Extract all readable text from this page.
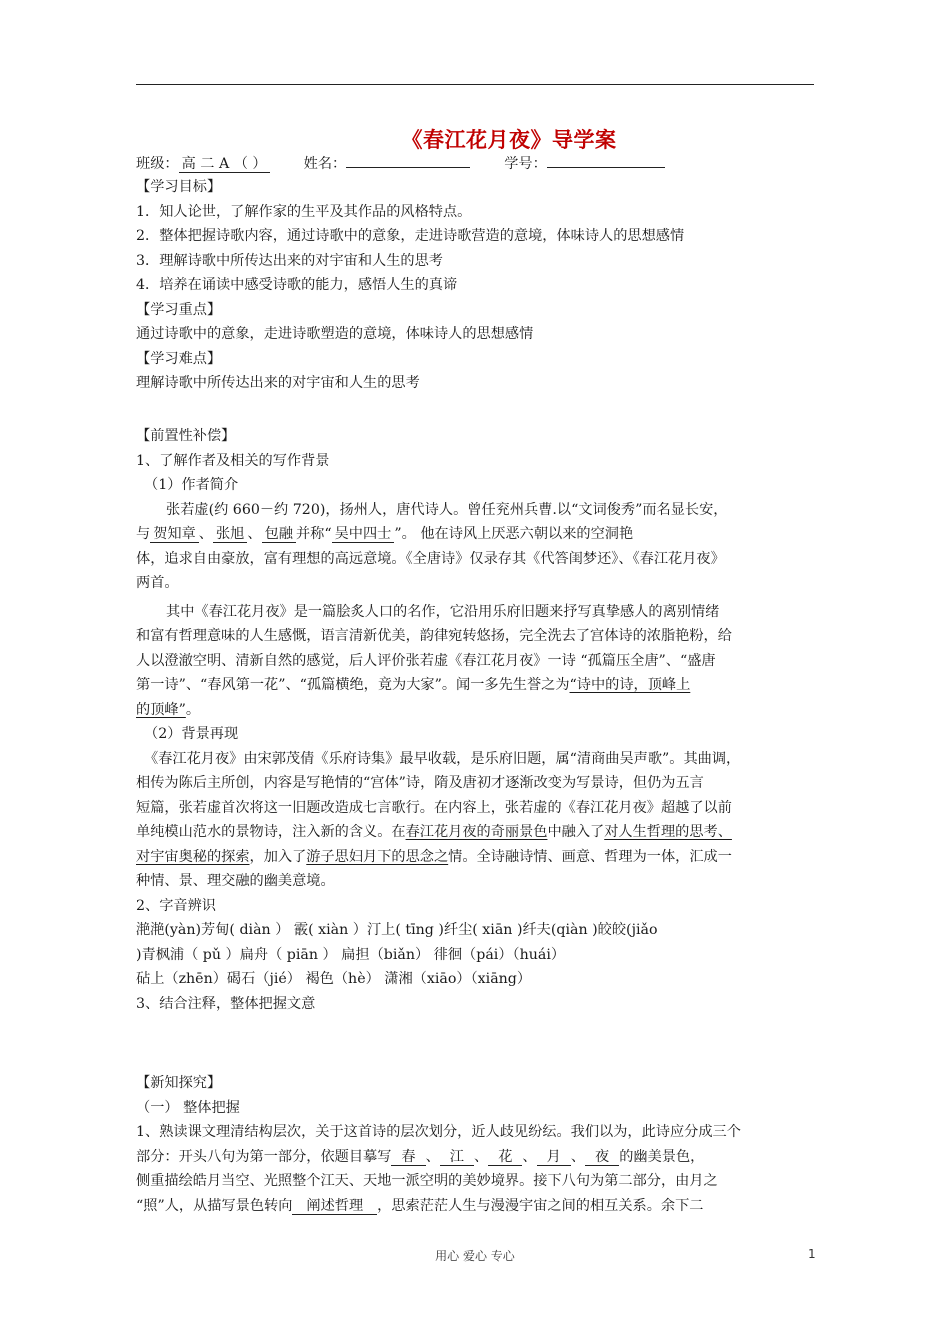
《春江花月夜》导学案
班级： 高 二 A （ ）	姓名：	学号：
【学习目标】
1．知人论世，了解作家的生平及其作品的风格特点。
2．整体把握诗歌内容，通过诗歌中的意象，走进诗歌营造的意境，体味诗人的思想感情
3．理解诗歌中所传达出来的对宇宙和人生的思考
4．培养在诵读中感受诗歌的能力，感悟人生的真谛
【学习重点】
通过诗歌中的意象，走进诗歌塑造的意境，体味诗人的思想感情
【学习难点】
理解诗歌中所传达出来的对宇宙和人生的思考
【前置性补偿】
1、了解作者及相关的写作背景
（1）作者简介
张若虚(约 660－约 720)，扬州人，唐代诗人。曾任兖州兵曹.以“文词俊秀”而名显长安，
与 贺知章 、 张旭 、 包融 并称“ 吴中四士 ”。 他在诗风上厌恶六朝以来的空洞艳
体，追求自由豪放，富有理想的高远意境。《全唐诗》仅录存其《代答闺梦还》、《春江花月夜》
两首。
其中《春江花月夜》是一篇脍炙人口的名作，它沿用乐府旧题来抒写真挚感人的离别情绪
和富有哲理意味的人生感慨，语言清新优美，韵律宛转悠扬，完全洗去了宫体诗的浓脂艳粉，给
人以澄澈空明、清新自然的感觉，后人评价张若虚《春江花月夜》一诗 “孤篇压全唐”、“盛唐
第一诗”、“春风第一花”、“孤篇横绝，竟为大家”。闻一多先生誉之为“诗中的诗，顶峰上
的顶峰”。
（2）背景再现
《春江花月夜》由宋郭茂倩《乐府诗集》最早收载，是乐府旧题，属“清商曲吴声歌”。其曲调，
相传为陈后主所创，内容是写艳情的“宫体”诗，隋及唐初才逐渐改变为写景诗，但仍为五言
短篇，张若虚首次将这一旧题改造成七言歌行。在内容上，张若虚的《春江花月夜》超越了以前
单纯模山范水的景物诗，注入新的含义。在春江花月夜的奇丽景色中融入了对人生哲理的思考、
对宇宙奥秘的探索，加入了游子思妇月下的思念之情。全诗融诗情、画意、哲理为一体，汇成一
种情、景、理交融的幽美意境。
2、字音辨识
滟滟(yàn)芳甸( diàn ） 霰( xiàn ）汀上( tīng )纤尘( xiān )纤夫(qiàn )皎皎(jiǎo
)青枫浦（ pǔ ）扁舟（ piān ） 扁担（biǎn） 徘徊（pái）（huái）
砧上（zhēn）碣石（jié） 褐色（hè） 潇湘（xiāo）（xiāng）
3、结合注释，整体把握文意
【新知探究】
（一） 整体把握
1、熟读课文理清结构层次，关于这首诗的层次划分，近人歧见纷纭。我们以为，此诗应分成三个
部分：开头八句为第一部分，依题目摹写 春 、 江 、 花 、 月 、 夜 的幽美景色，
侧重描绘皓月当空、光照整个江天、天地一派空明的美妙境界。接下八句为第二部分，由月之
“照”人，从描写景色转向 阐述哲理 ，思索茫茫人生与漫漫宇宙之间的相互关系。余下二
用心 爱心 专心	1
